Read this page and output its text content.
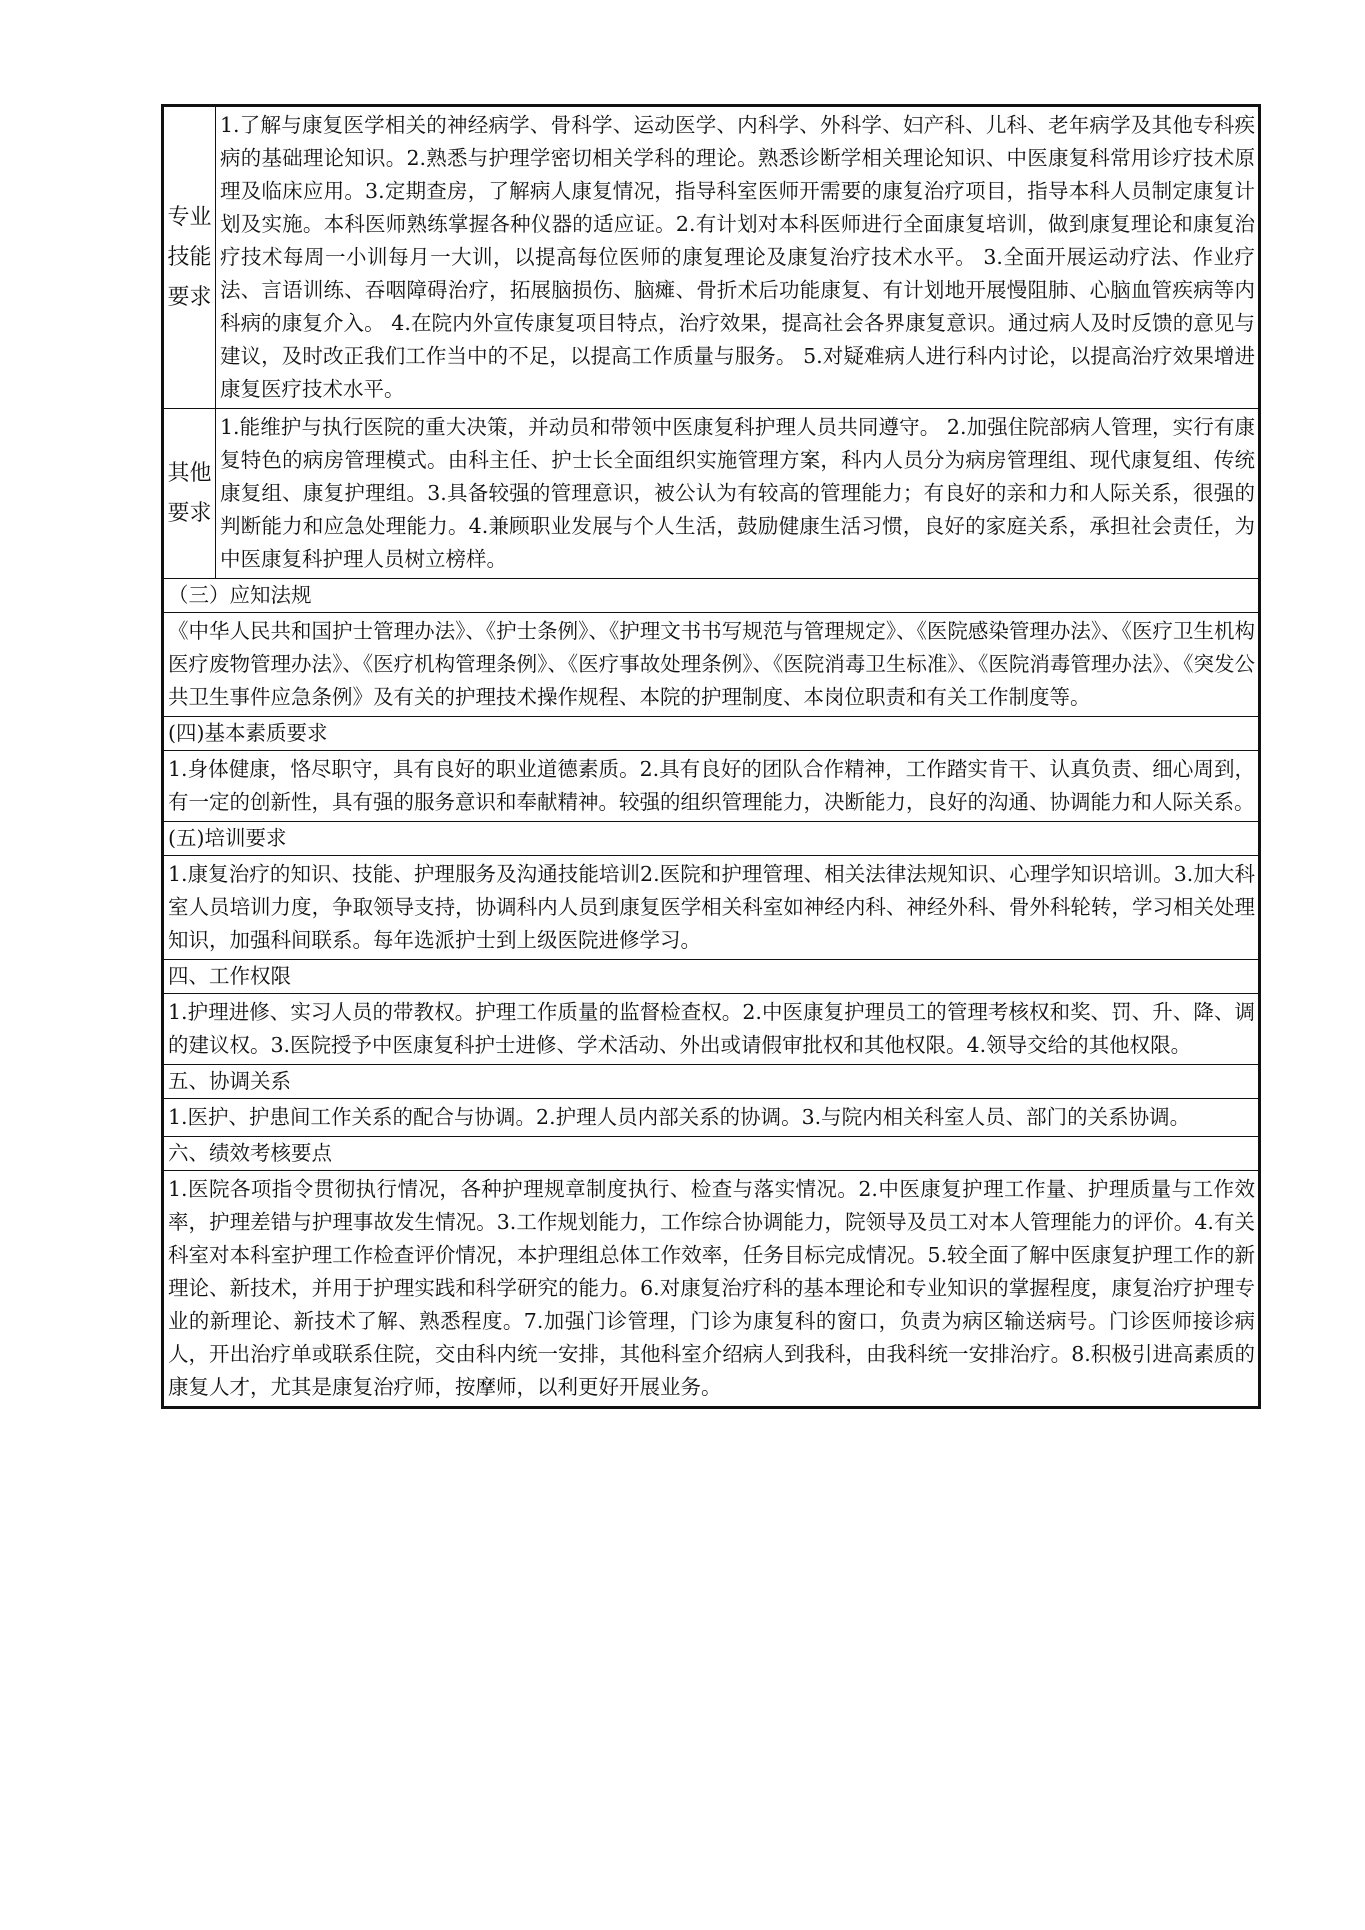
专业技能要求	1.了解与康复医学相关的神经病学、骨科学、运动医学、内科学、外科学、妇产科、儿科、老年病学及其他专科疾病的基础理论知识。2.熟悉与护理学密切相关学科的理论。熟悉诊断学相关理论知识、中医康复科常用诊疗技术原理及临床应用。3.定期查房，了解病人康复情况，指导科室医师开需要的康复治疗项目，指导本科人员制定康复计划及实施。本科医师熟练掌握各种仪器的适应证。2.有计划对本科医师进行全面康复培训，做到康复理论和康复治疗技术每周一小训每月一大训，以提高每位医师的康复理论及康复治疗技术水平。 3.全面开展运动疗法、作业疗法、言语训练、吞咽障碍治疗，拓展脑损伤、脑瘫、骨折术后功能康复、有计划地开展慢阻肺、心脑血管疾病等内科病的康复介入。 4.在院内外宣传康复项目特点，治疗效果，提高社会各界康复意识。通过病人及时反馈的意见与建议，及时改正我们工作当中的不足，以提高工作质量与服务。 5.对疑难病人进行科内讨论，以提高治疗效果增进康复医疗技术水平。

其他要求	1.能维护与执行医院的重大决策，并动员和带领中医康复科护理人员共同遵守。 2.加强住院部病人管理，实行有康复特色的病房管理模式。由科主任、护士长全面组织实施管理方案，科内人员分为病房管理组、现代康复组、传统康复组、康复护理组。3.具备较强的管理意识，被公认为有较高的管理能力；有良好的亲和力和人际关系，很强的判断能力和应急处理能力。4.兼顾职业发展与个人生活，鼓励健康生活习惯，良好的家庭关系，承担社会责任，为中医康复科护理人员树立榜样。
（三）应知法规	
《中华人民共和国护士管理办法》、《护士条例》、《护理文书书写规范与管理规定》、《医院感染管理办法》、《医疗卫生机构医疗废物管理办法》、《医疗机构管理条例》、《医疗事故处理条例》、《医院消毒卫生标准》、《医院消毒管理办法》、《突发公共卫生事件应急条例》及有关的护理技术操作规程、本院的护理制度、本岗位职责和有关工作制度等。	
(四)基本素质要求	
1.身体健康，恪尽职守，具有良好的职业道德素质。2.具有良好的团队合作精神，工作踏实肯干、认真负责、细心周到，有一定的创新性，具有强的服务意识和奉献精神。较强的组织管理能力，决断能力，良好的沟通、协调能力和人际关系。	
(五)培训要求	
1.康复治疗的知识、技能、护理服务及沟通技能培训2.医院和护理管理、相关法律法规知识、心理学知识培训。3.加大科室人员培训力度，争取领导支持，协调科内人员到康复医学相关科室如神经内科、神经外科、骨外科轮转，学习相关处理知识，加强科间联系。每年选派护士到上级医院进修学习。	
四、工作权限	
1.护理进修、实习人员的带教权。护理工作质量的监督检查权。2.中医康复护理员工的管理考核权和奖、罚、升、降、调的建议权。3.医院授予中医康复科护士进修、学术活动、外出或请假审批权和其他权限。4.领导交给的其他权限。	
五、协调关系	
1.医护、护患间工作关系的配合与协调。2.护理人员内部关系的协调。3.与院内相关科室人员、部门的关系协调。	
六、绩效考核要点	
1.医院各项指令贯彻执行情况，各种护理规章制度执行、检查与落实情况。2.中医康复护理工作量、护理质量与工作效率，护理差错与护理事故发生情况。3.工作规划能力，工作综合协调能力，院领导及员工对本人管理能力的评价。4.有关科室对本科室护理工作检查评价情况，本护理组总体工作效率，任务目标完成情况。5.较全面了解中医康复护理工作的新理论、新技术，并用于护理实践和科学研究的能力。6.对康复治疗科的基本理论和专业知识的掌握程度，康复治疗护理专业的新理论、新技术了解、熟悉程度。7.加强门诊管理，门诊为康复科的窗口，负责为病区输送病号。门诊医师接诊病人，开出治疗单或联系住院，交由科内统一安排，其他科室介绍病人到我科，由我科统一安排治疗。8.积极引进高素质的康复人才，尤其是康复治疗师，按摩师，以利更好开展业务。	
